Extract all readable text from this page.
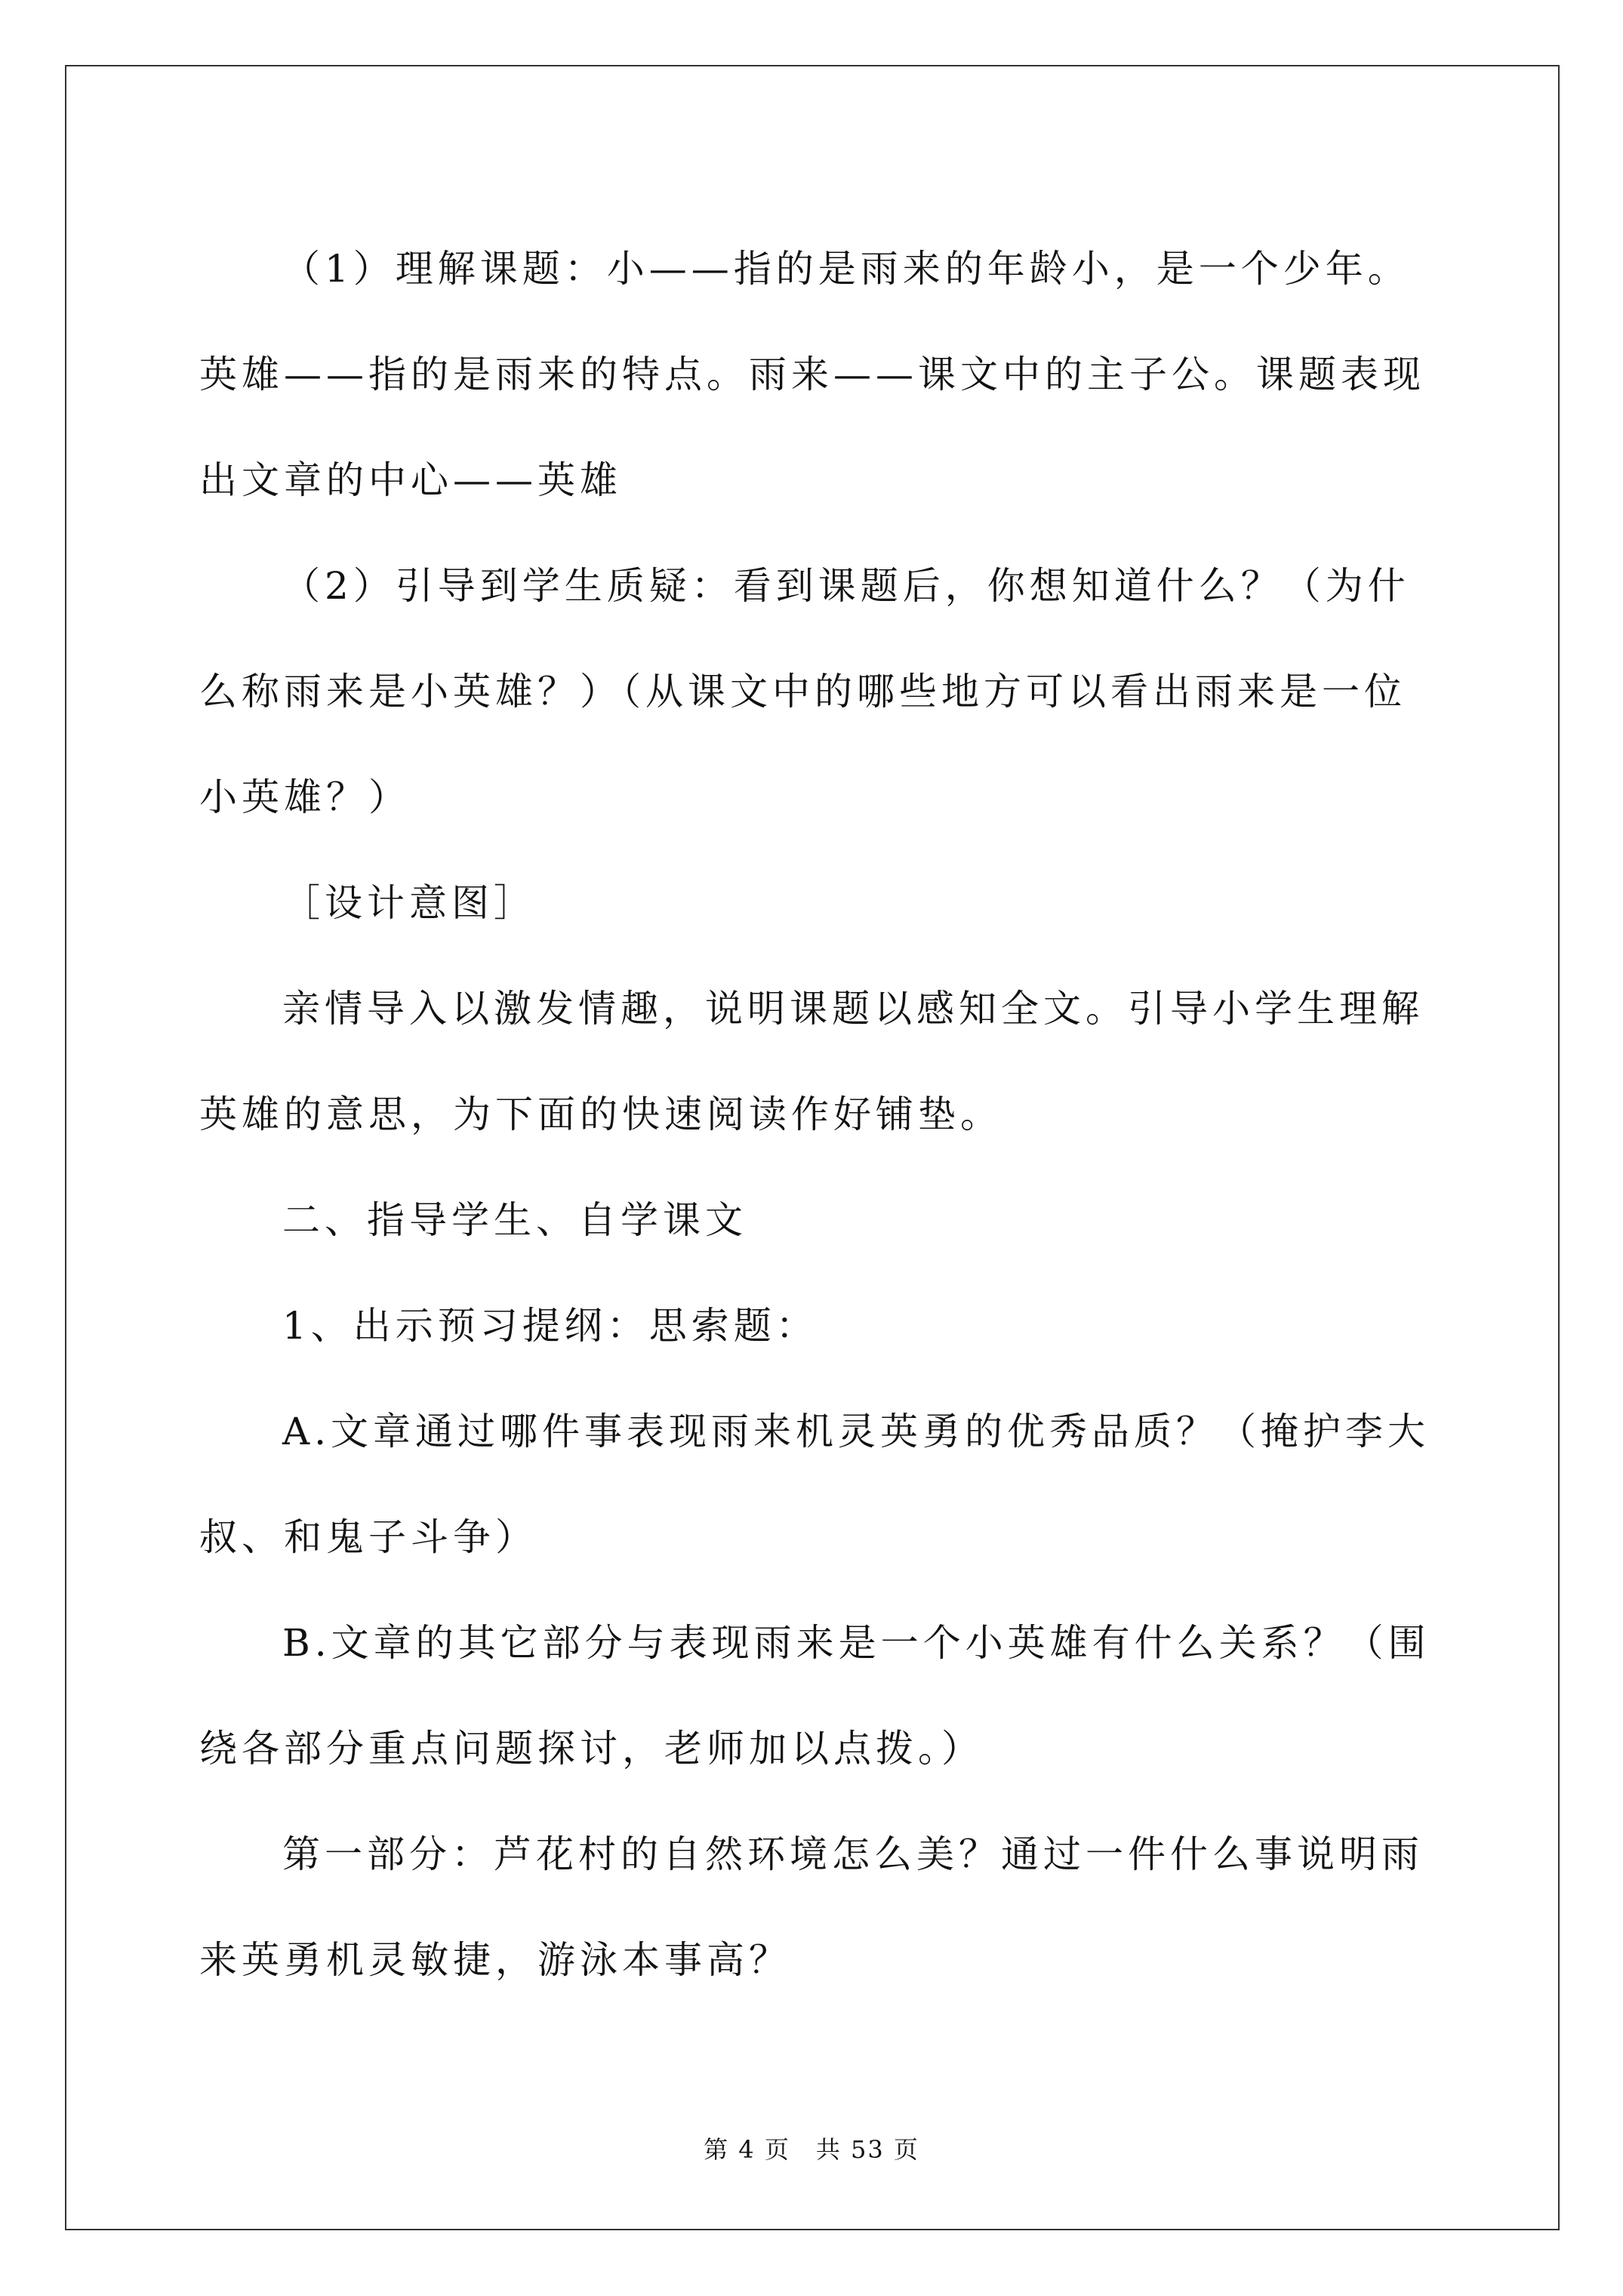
（1）理解课题：小——指的是雨来的年龄小，是一个少年。英雄——指的是雨来的特点。雨来——课文中的主子公。课题表现出文章的中心——英雄

（2）引导到学生质疑：看到课题后，你想知道什么？（为什么称雨来是小英雄？）（从课文中的哪些地方可以看出雨来是一位小英雄？）

［设计意图］

亲情导入以激发情趣，说明课题以感知全文。引导小学生理解英雄的意思，为下面的快速阅读作好铺垫。

二、指导学生、自学课文

1、出示预习提纲：思索题：

A.文章通过哪件事表现雨来机灵英勇的优秀品质？（掩护李大叔、和鬼子斗争）

B.文章的其它部分与表现雨来是一个小英雄有什么关系？（围绕各部分重点问题探讨，老师加以点拨。）

第一部分：芦花村的自然环境怎么美？通过一件什么事说明雨来英勇机灵敏捷，游泳本事高？

第 4 页　共 53 页
